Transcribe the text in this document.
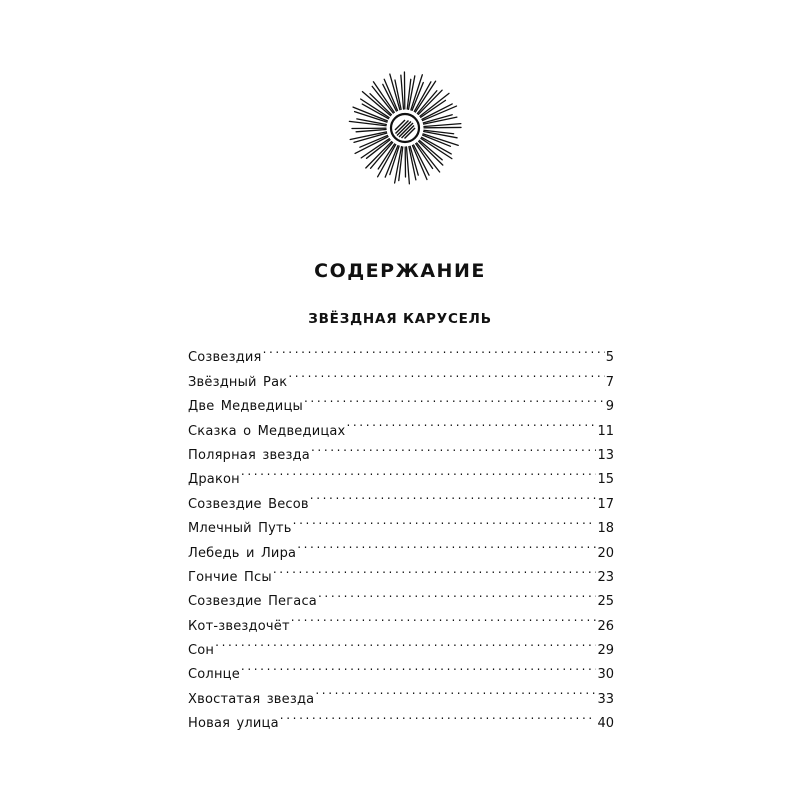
СОДЕРЖАНИЕ
ЗВЁЗДНАЯ КАРУСЕЛЬ
Созвездия . . .	5
Звёздный Рак . . .	7
Две Медведицы . . .	9
Сказка о Медведицах . . .	11
Полярная звезда . . .	13
Дракон . . .	15
Созвездие Весов . . .	17
Млечный Путь . . .	18
Лебедь и Лира . . .	20
Гончие Псы . . .	23
Созвездие Пегаса . . .	25
Кот-звездочёт . . .	26
Сон . . .	29
Солнце . . .	30
Хвостатая звезда . . .	33
Новая улица . . .	40
